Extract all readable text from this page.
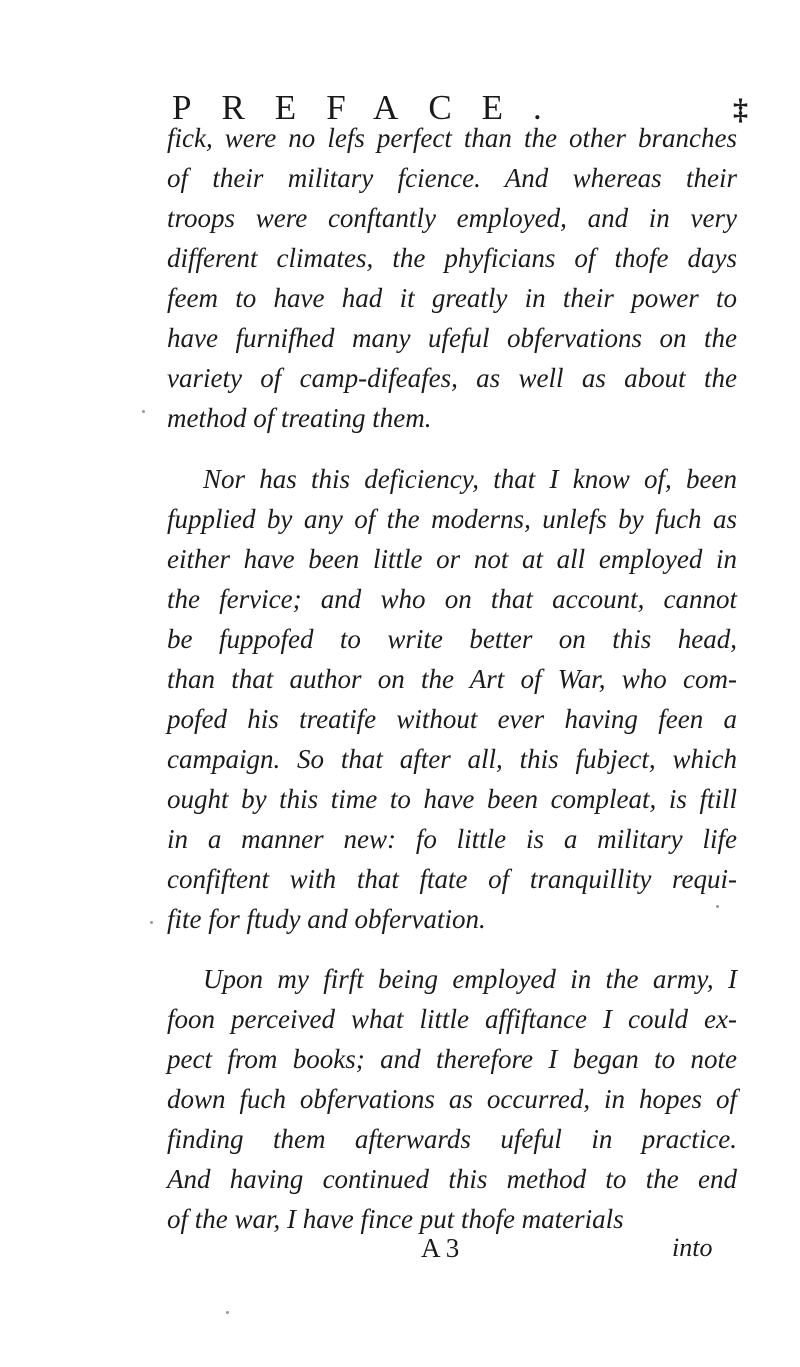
PREFACE.	‡
fick, were no lefs perfect than the other branches
of their military fcience. And whereas their
troops were conftantly employed, and in very
different climates, the phyficians of thofe days
feem to have had it greatly in their power to
have furnifhed many ufeful obfervations on the
variety of camp-difeafes, as well as about the
method of treating them.
Nor has this deficiency, that I know of, been
fupplied by any of the moderns, unlefs by fuch as
either have been little or not at all employed in
the fervice; and who on that account, cannot
be fuppofed to write better on this head,
than that author on the Art of War, who com-
pofed his treatife without ever having feen a
campaign. So that after all, this fubject, which
ought by this time to have been compleat, is ftill
in a manner new: fo little is a military life
confiftent with that ftate of tranquillity requi-
fite for ftudy and obfervation.
Upon my firft being employed in the army, I
foon perceived what little affiftance I could ex-
pect from books; and therefore I began to note
down fuch obfervations as occurred, in hopes of
finding them afterwards ufeful in practice.
And having continued this method to the end
of the war, I have fince put thofe materials
A 3	into
